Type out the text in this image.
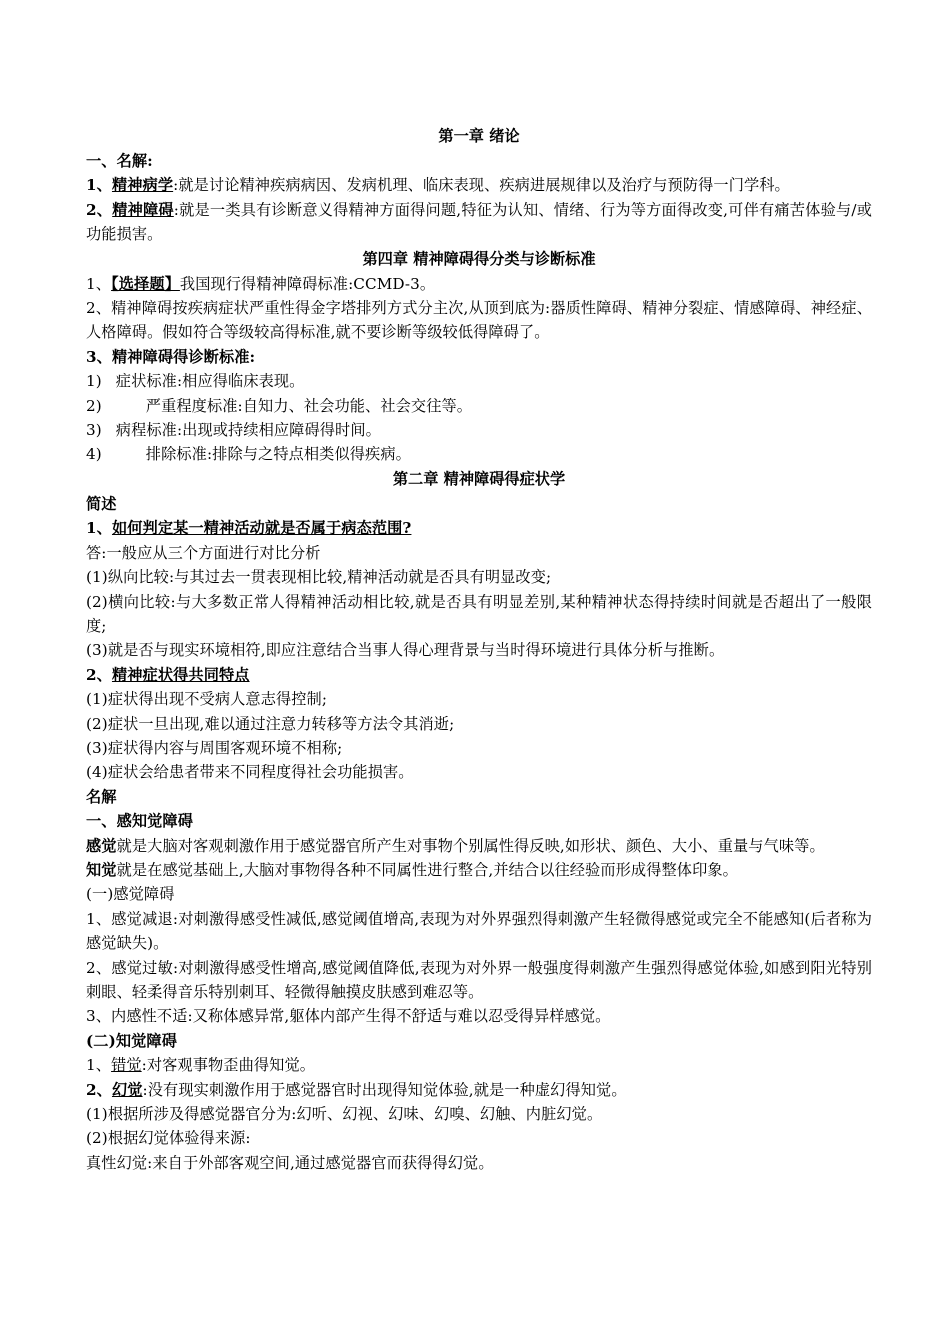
第一章 绪论
一、名解:
1、精神病学:就是讨论精神疾病病因、发病机理、临床表现、疾病进展规律以及治疗与预防得一门学科。
2、精神障碍:就是一类具有诊断意义得精神方面得问题,特征为认知、情绪、行为等方面得改变,可伴有痛苦体验与/或功能损害。
第四章 精神障碍得分类与诊断标准
1、【选择题】我国现行得精神障碍标准:CCMD-3。
2、精神障碍按疾病症状严重性得金字塔排列方式分主次,从顶到底为:器质性障碍、精神分裂症、情感障碍、神经症、人格障碍。假如符合等级较高得标准,就不要诊断等级较低得障碍了。
3、精神障碍得诊断标准:
1) 症状标准:相应得临床表现。
2)	严重程度标准:自知力、社会功能、社会交往等。
3) 病程标准:出现或持续相应障碍得时间。
4)	排除标准:排除与之特点相类似得疾病。
第二章 精神障碍得症状学
简述
1、如何判定某一精神活动就是否属于病态范围?
答:一般应从三个方面进行对比分析
(1)纵向比较:与其过去一贯表现相比较,精神活动就是否具有明显改变;
(2)横向比较:与大多数正常人得精神活动相比较,就是否具有明显差别,某种精神状态得持续时间就是否超出了一般限度;
(3)就是否与现实环境相符,即应注意结合当事人得心理背景与当时得环境进行具体分析与推断。
2、精神症状得共同特点
(1)症状得出现不受病人意志得控制;
(2)症状一旦出现,难以通过注意力转移等方法令其消逝;
(3)症状得内容与周围客观环境不相称;
(4)症状会给患者带来不同程度得社会功能损害。
名解
一、感知觉障碍
感觉就是大脑对客观刺激作用于感觉器官所产生对事物个别属性得反映,如形状、颜色、大小、重量与气味等。
知觉就是在感觉基础上,大脑对事物得各种不同属性进行整合,并结合以往经验而形成得整体印象。
(一)感觉障碍
1、感觉减退:对刺激得感受性减低,感觉阈值增高,表现为对外界强烈得刺激产生轻微得感觉或完全不能感知(后者称为感觉缺失)。
2、感觉过敏:对刺激得感受性增高,感觉阈值降低,表现为对外界一般强度得刺激产生强烈得感觉体验,如感到阳光特别刺眼、轻柔得音乐特别刺耳、轻微得触摸皮肤感到难忍等。
3、内感性不适:又称体感异常,躯体内部产生得不舒适与难以忍受得异样感觉。
(二)知觉障碍
1、错觉:对客观事物歪曲得知觉。
2、幻觉:没有现实刺激作用于感觉器官时出现得知觉体验,就是一种虚幻得知觉。
(1)根据所涉及得感觉器官分为:幻听、幻视、幻味、幻嗅、幻触、内脏幻觉。
(2)根据幻觉体验得来源:
真性幻觉:来自于外部客观空间,通过感觉器官而获得得幻觉。
